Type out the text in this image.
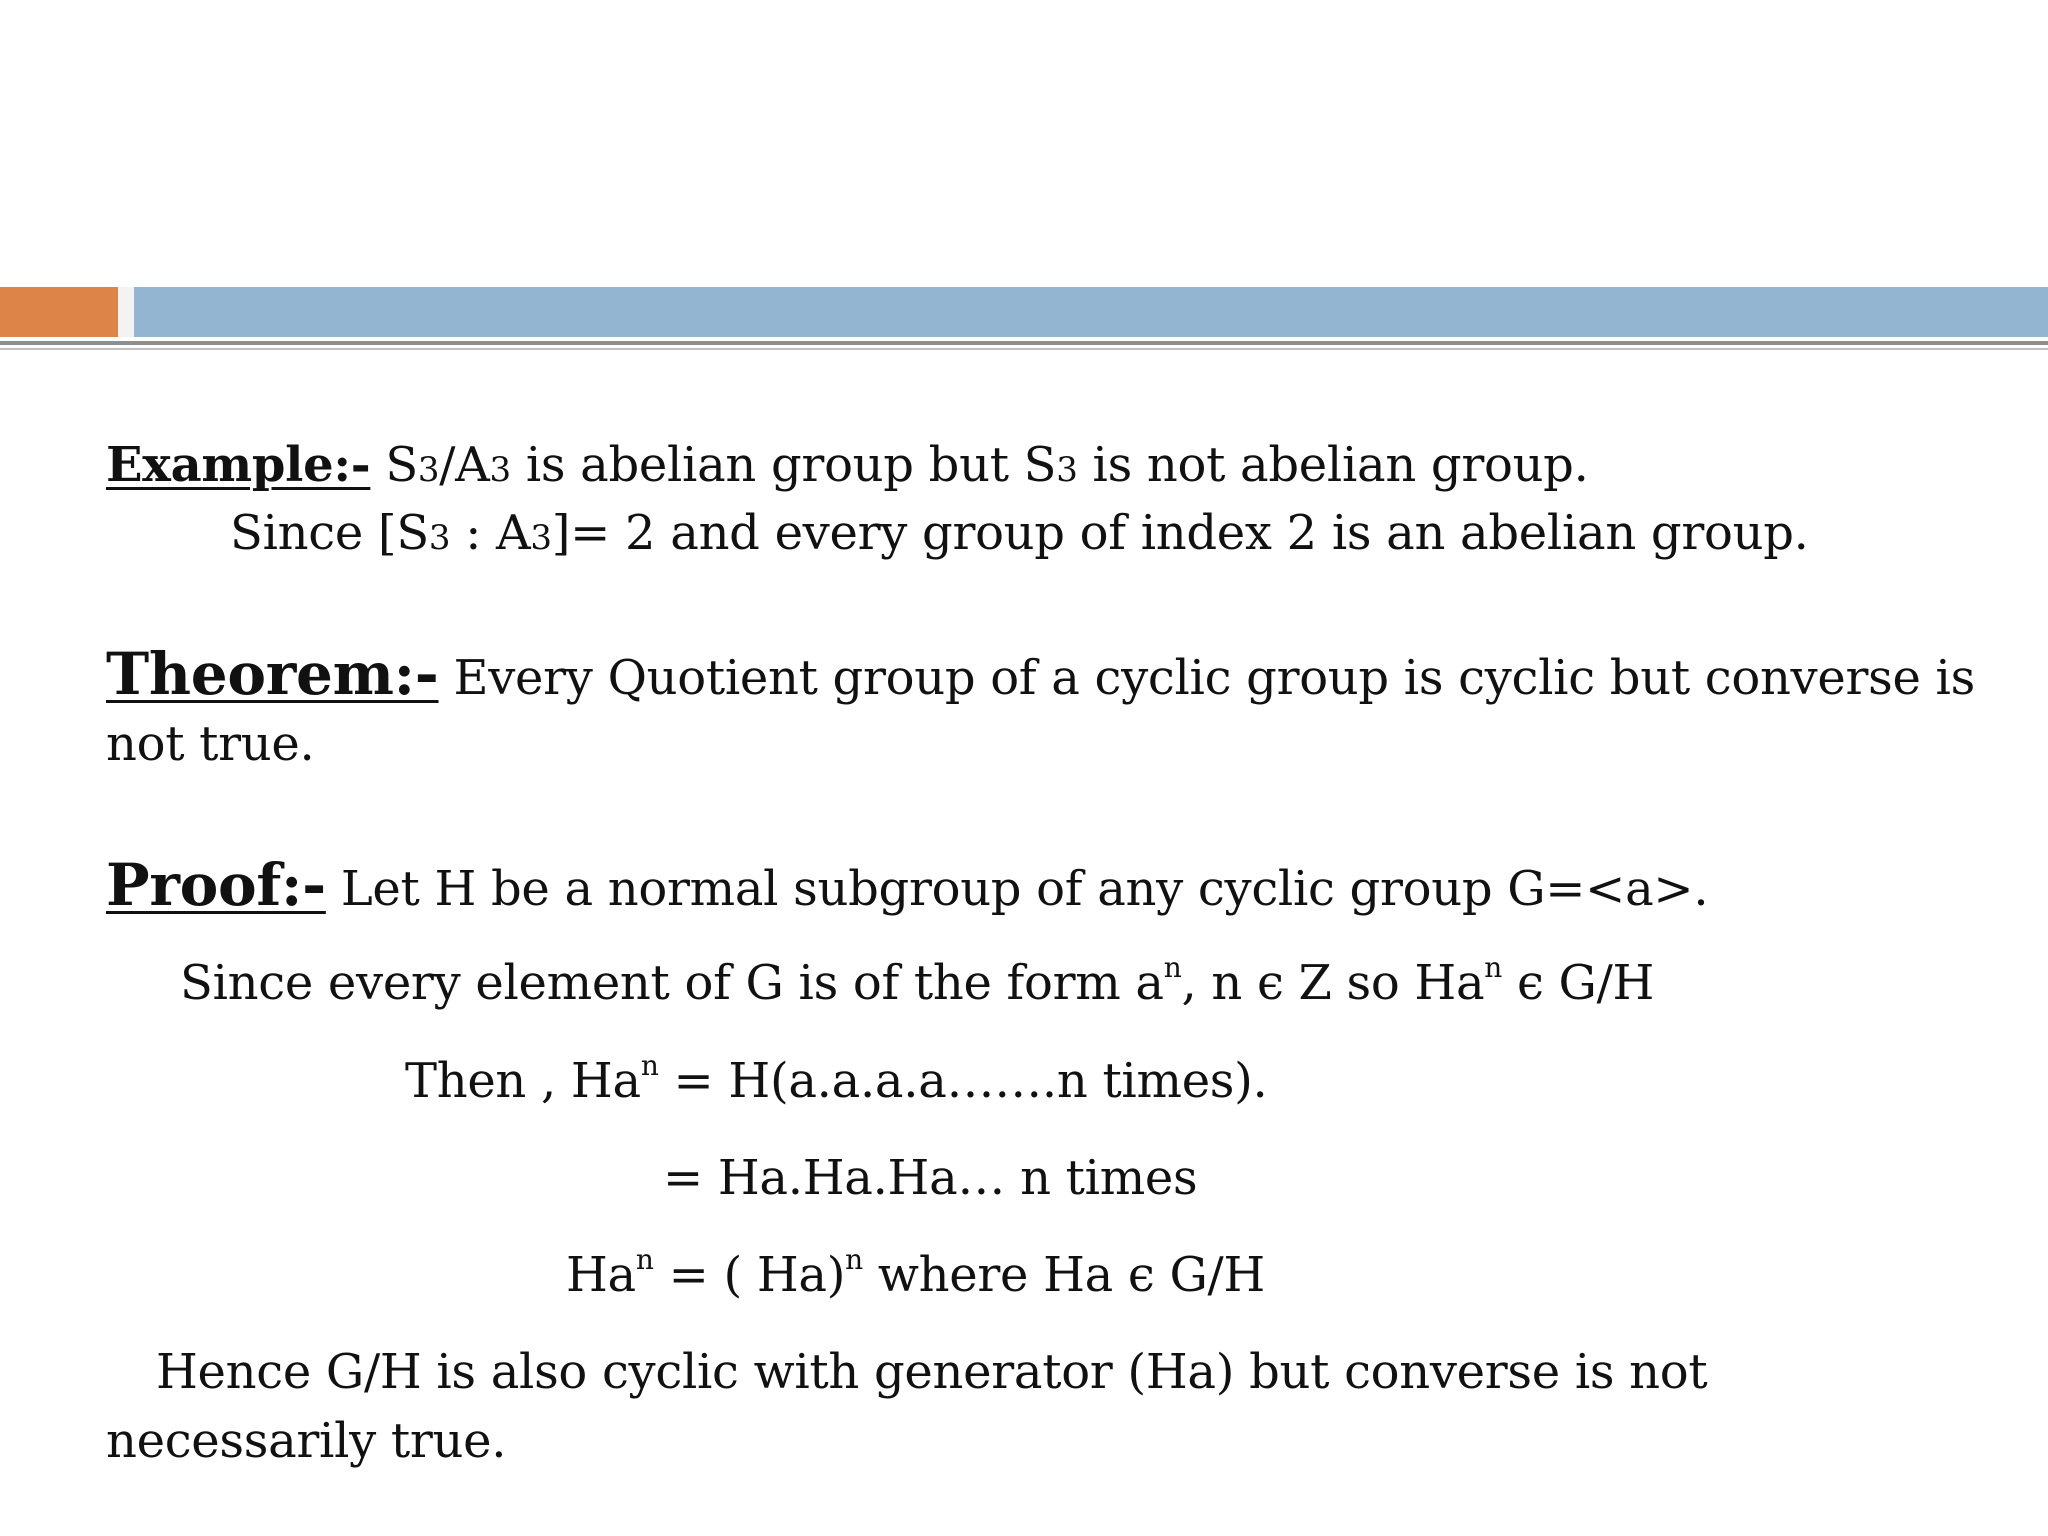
Example:- S3/A3 is abelian group but S3 is not abelian group.
Since [S3 : A3]= 2 and every group of index 2 is an abelian group.
Theorem:- Every Quotient group of a cyclic group is cyclic but converse is
not true.
Proof:- Let H be a normal subgroup of any cyclic group G=<a>.
Since every element of G is of the form $a^n$, n ϵ Z so Ha$^n$ ϵ G/H
Then , $Ha^n$ = H(a.a.a.a…….n times).
= Ha.Ha.Ha… n times
$Ha^n$ = ( Ha)$^n$ where Ha ϵ G/H
Hence G/H is also cyclic with generator (Ha) but converse is not
necessarily true.
